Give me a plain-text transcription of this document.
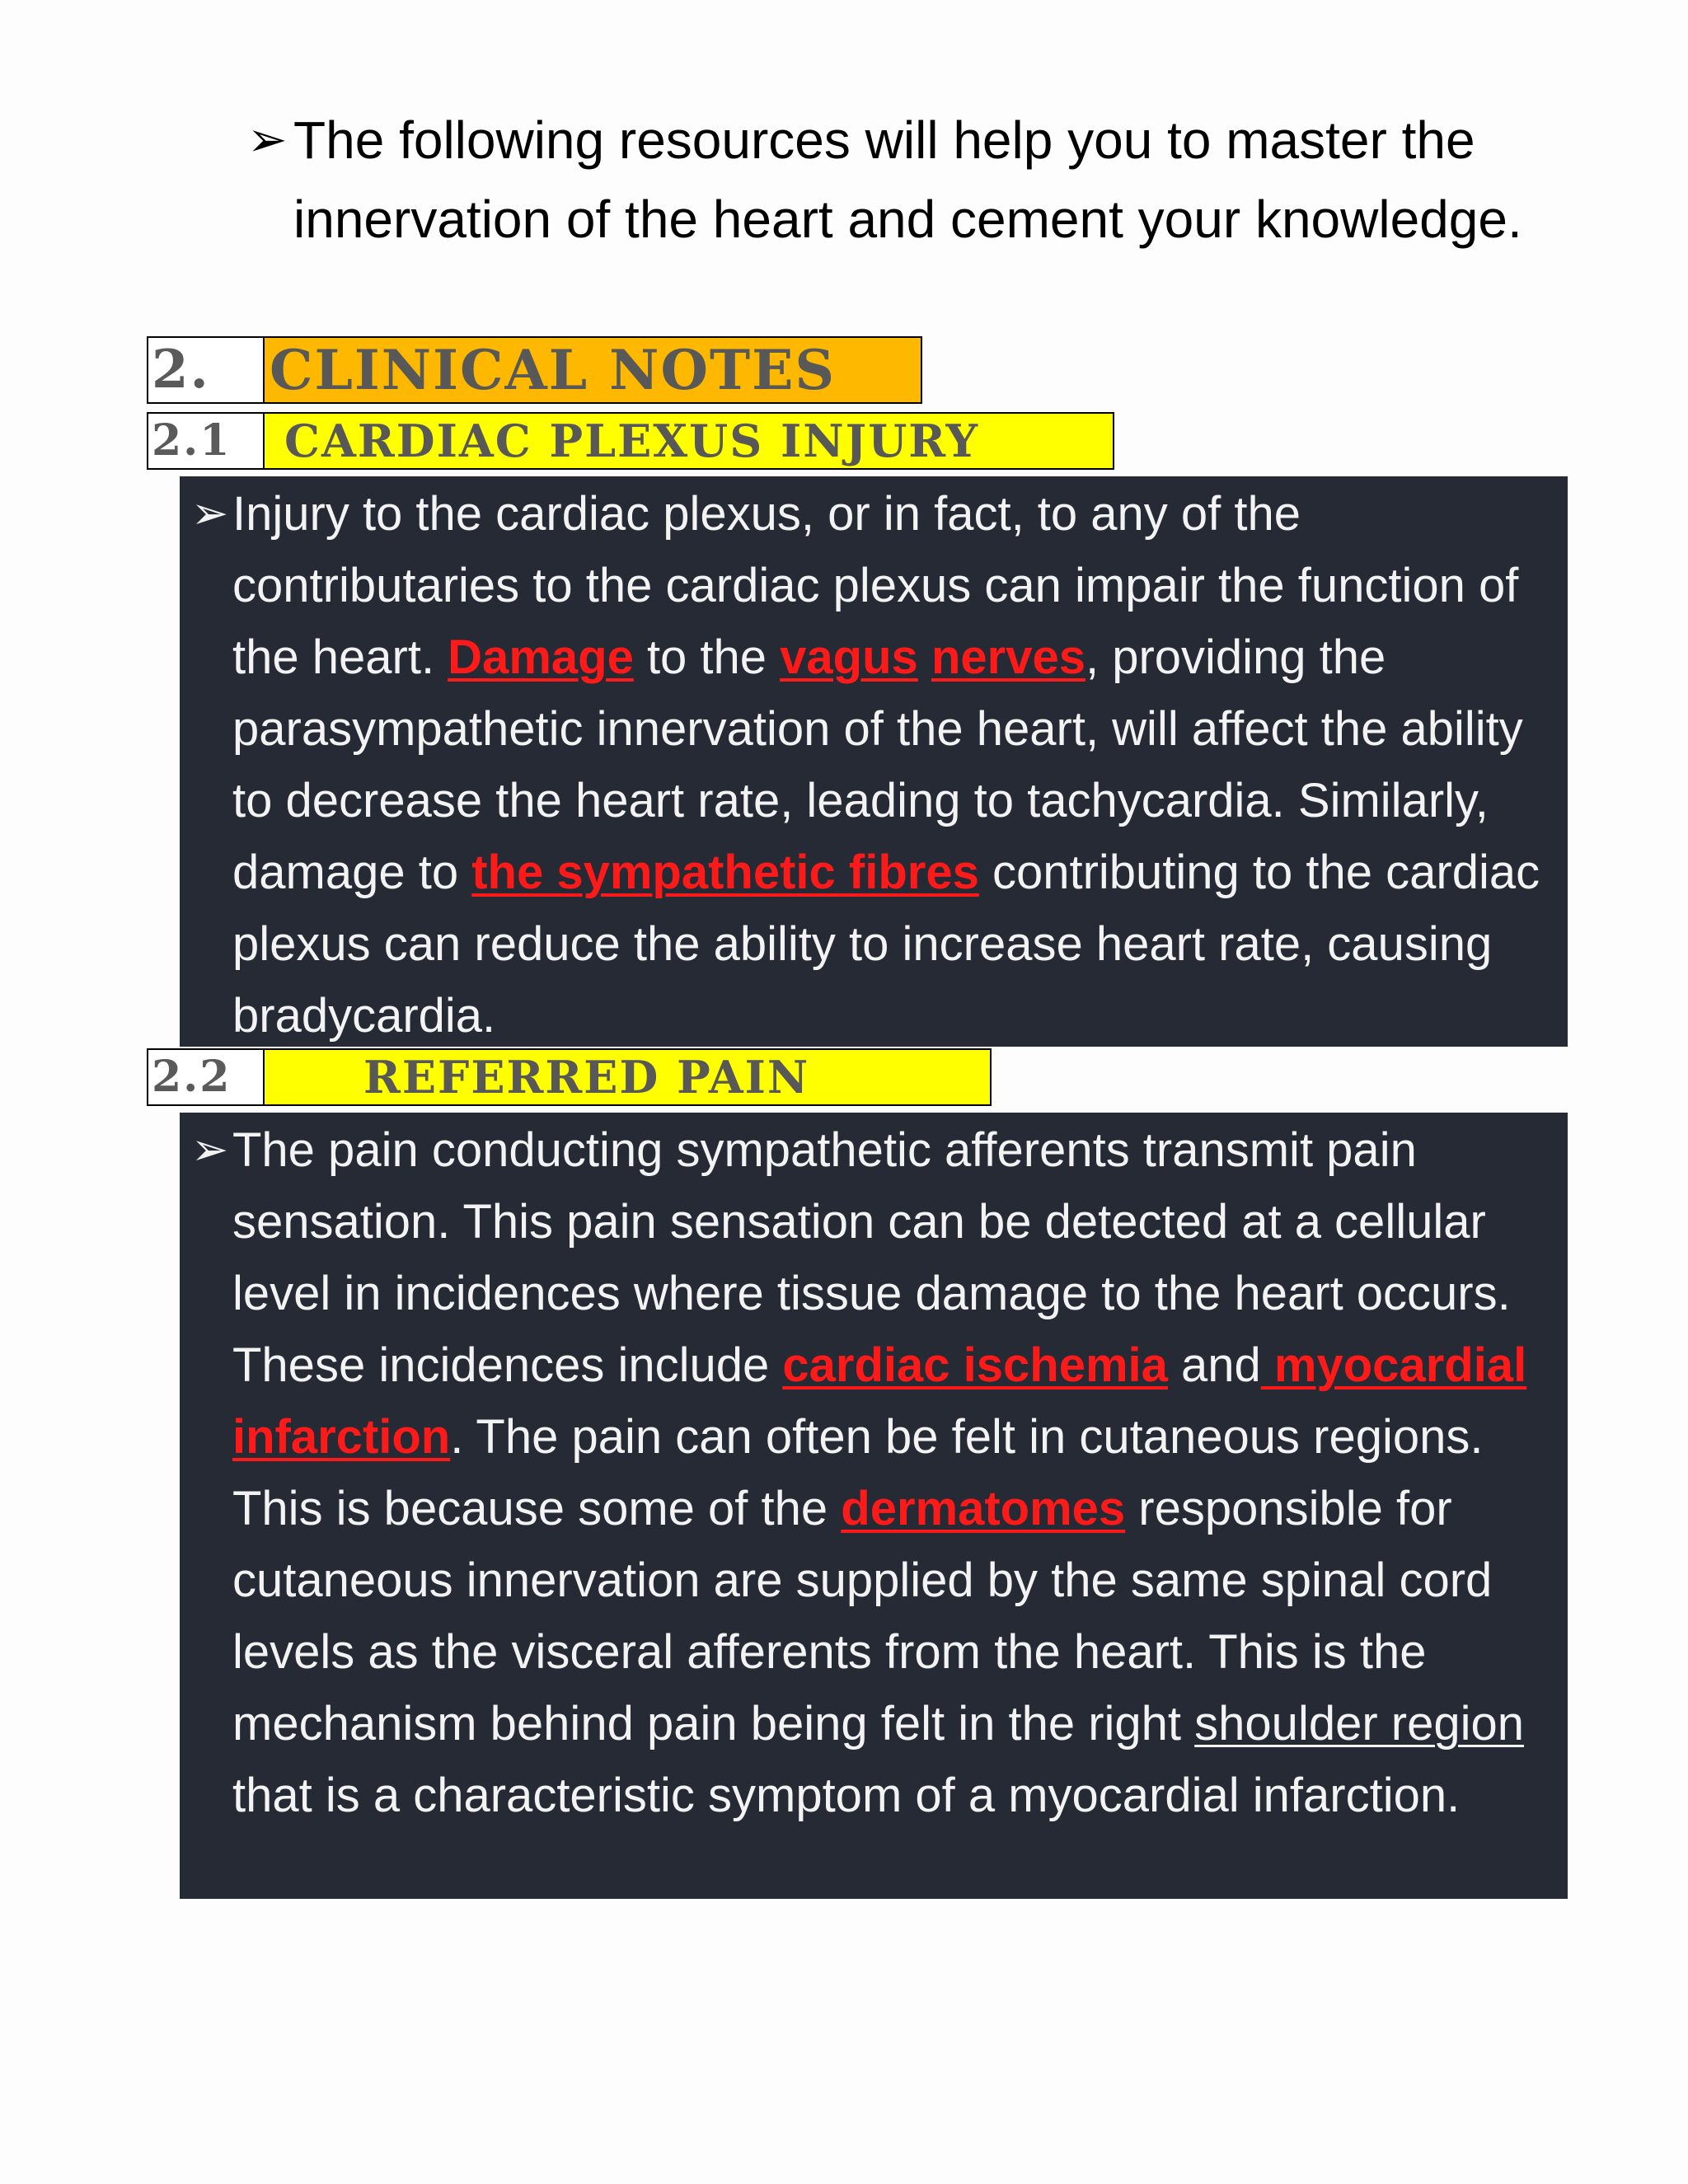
➢ The following resources will help you to master the innervation of the heart and cement your knowledge.
2.	CLINICAL NOTES
2.1	CARDIAC PLEXUS INJURY
➢ Injury to the cardiac plexus, or in fact, to any of the contributaries to the cardiac plexus can impair the function of the heart. Damage to the vagus nerves, providing the parasympathetic innervation of the heart, will affect the ability to decrease the heart rate, leading to tachycardia. Similarly, damage to the sympathetic fibres contributing to the cardiac plexus can reduce the ability to increase heart rate, causing bradycardia.

2.2	REFERRED PAIN
➢ The pain conducting sympathetic afferents transmit pain sensation. This pain sensation can be detected at a cellular level in incidences where tissue damage to the heart occurs. These incidences include cardiac ischemia and myocardial infarction. The pain can often be felt in cutaneous regions. This is because some of the dermatomes responsible for cutaneous innervation are supplied by the same spinal cord levels as the visceral afferents from the heart. This is the mechanism behind pain being felt in the right shoulder region that is a characteristic symptom of a myocardial infarction.
